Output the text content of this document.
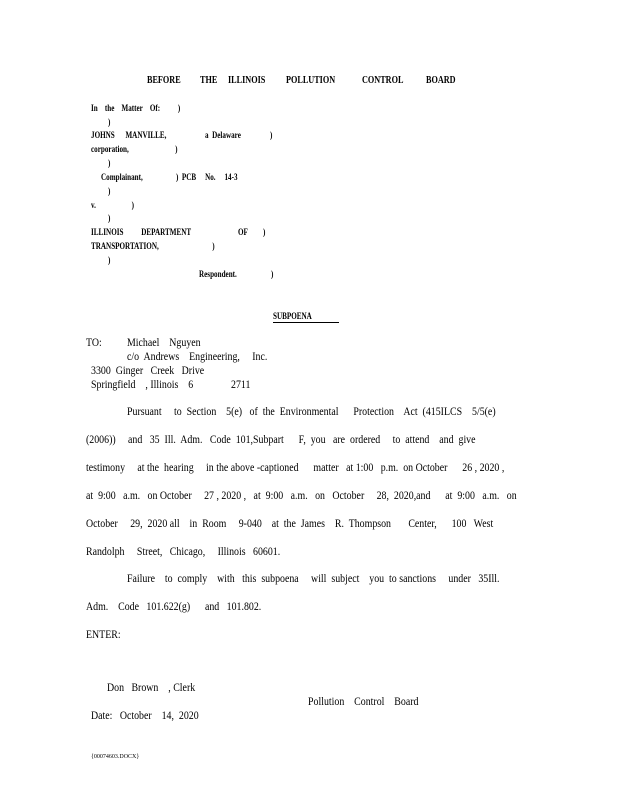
BEFORE THE ILLINOIS POLLUTION	CONTROL BOARD
In    the    Matter    Of:          )
)
JOHNS      MANVILLE,	a  Delaware	)
corporation,                          )
)
Complainant,	)  PCB     No.     14-3
)
v.                    )
)
ILLINOIS          DEPARTMENT	OF )
TRANSPORTATION,                              )
)
Respondent.	)
SUBPOENA
TO: Michael    Nguyen
c/o  Andrews    Engineering,     Inc.
3300  Ginger   Creek   Drive
Springfield    , Illinois    6	2711
Pursuant     to  Section    5(e)   of  the  Environmental      Protection    Act  (415ILCS    5/5(e)
(2006))     and   35  Ill.  Adm.   Code  101,Subpart      F,  you   are  ordered     to  attend    and  give
testimony     at the  hearing     in the above -captioned      matter   at 1:00   p.m.  on October      26 , 2020 ,
at  9:00   a.m.   on October     27 , 2020 ,   at  9:00   a.m.   on   October     28,  2020,and      at  9:00   a.m.   on
October     29,  2020 all    in  Room     9-040    at  the  James    R.  Thompson       Center,      100   West
Randolph     Street,   Chicago,     Illinois   60601.
Failure    to  comply    with   this  subpoena     will  subject    you  to sanctions     under   35Ill.
Adm.    Code   101.622(g)      and   101.802.
ENTER:
Don   Brown    , Clerk
Pollution    Control    Board
Date:   October    14,  2020
{00074603.DOCX}
